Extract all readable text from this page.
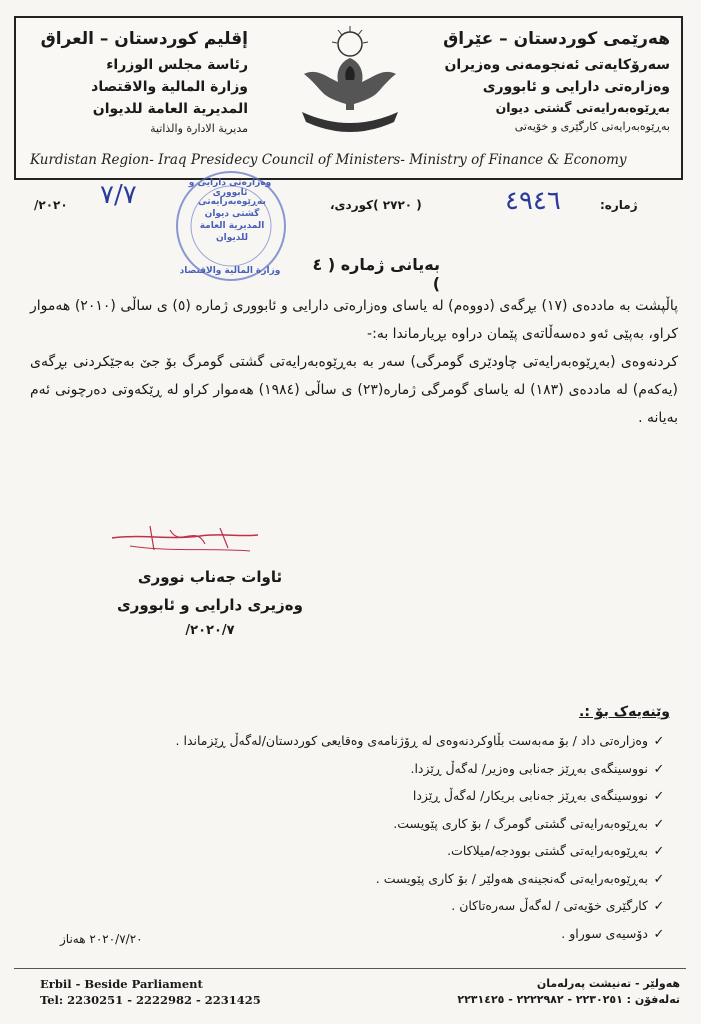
إقليم كوردستان – العراق
رئاسة مجلس الوزراء
وزارة المالية والاقتصاد
المديرية العامة للديوان
مديرية الادارة والذاتية
هەرێمی کوردستان – عێراق
سەرۆکایەتی ئەنجومەنی وەزیران
وەزارەتی دارایی و ئابووری
بەڕێوەبەرایەتی گشتی دیوان
بەڕێوەبەرایەتی کارگێری و خۆیەتی
Kurdistan Region- Iraq Presidecy Council of Ministers- Ministry of Finance & Economy
ژمارە:
٤٩٤٦
( ٢٧٢٠ )كوردى،
٢٠٢٠/ ٧/٧	بەڕێوەبەرایەتی
گشتی دیوان
المديرية العامة
للديوان
وەزارەتی دارایی و ئابووری
وزارة المالية والاقتصاد	بەیانی ژمارە ( ٤ )
پاڵپشت بە ماددەی (١٧) بڕگەی (دووەم) لە یاسای وەزارەتی دارایی و ئابووری ژمارە (٥) ی ساڵی (٢٠١٠) هەموار کراو، بەپێی ئەو دەسەڵاتەی پێمان دراوە بڕیارماندا بە:-
کردنەوەی (بەڕێوەبەرایەتی چاودێری گومرگی) سەر بە بەڕێوەبەرایەتی گشتی گومرگ بۆ جێ بەجێکردنی بڕگەی (یەکەم) لە ماددەی (١٨٣) لە یاسای گومرگی ژمارە(٢٣) ی ساڵی (١٩٨٤) هەموار کراو لە ڕێکەوتی دەرچونی ئەم بەیانە .
ئاوات جەناب نووری
وەزیری دارایی و ئابووری
٢٠٢٠/٧/
وێنەیەک بۆ :.
✓وەزارەتی داد / بۆ مەبەست بڵاوکردنەوەی لە ڕۆژنامەی وەقایعی کوردستان/لەگەڵ ڕێزماندا .
✓نووسینگەی بەڕێز جەنابی وەزیر/ لەگەڵ ڕێزدا.
✓نووسینگەی بەڕێز جەنابی بریکار/ لەگەڵ ڕێزدا
✓بەڕێوەبەرایەتی گشتی گومرگ / بۆ کاری پێویست.
✓بەڕێوەبەرایەتی گشتی بوودجە/میلاکات.
✓بەڕێوەبەرایەتی گەنجینەی هەولێر / بۆ کاری پێویست .
✓کارگێری خۆیەتی / لەگەڵ سەرەتاکان .
✓دۆسیەی سوراو .
٢٠٢٠/٧/٢٠ هەناز
Erbil - Beside Parliament
Tel: 2230251 - 2222982 - 2231425
هەولێر - تەنیشت پەرلەمان
تەلەفۆن : ٢٢٣٠٢٥١ - ٢٢٢٢٩٨٢ - ٢٢٣١٤٢٥
